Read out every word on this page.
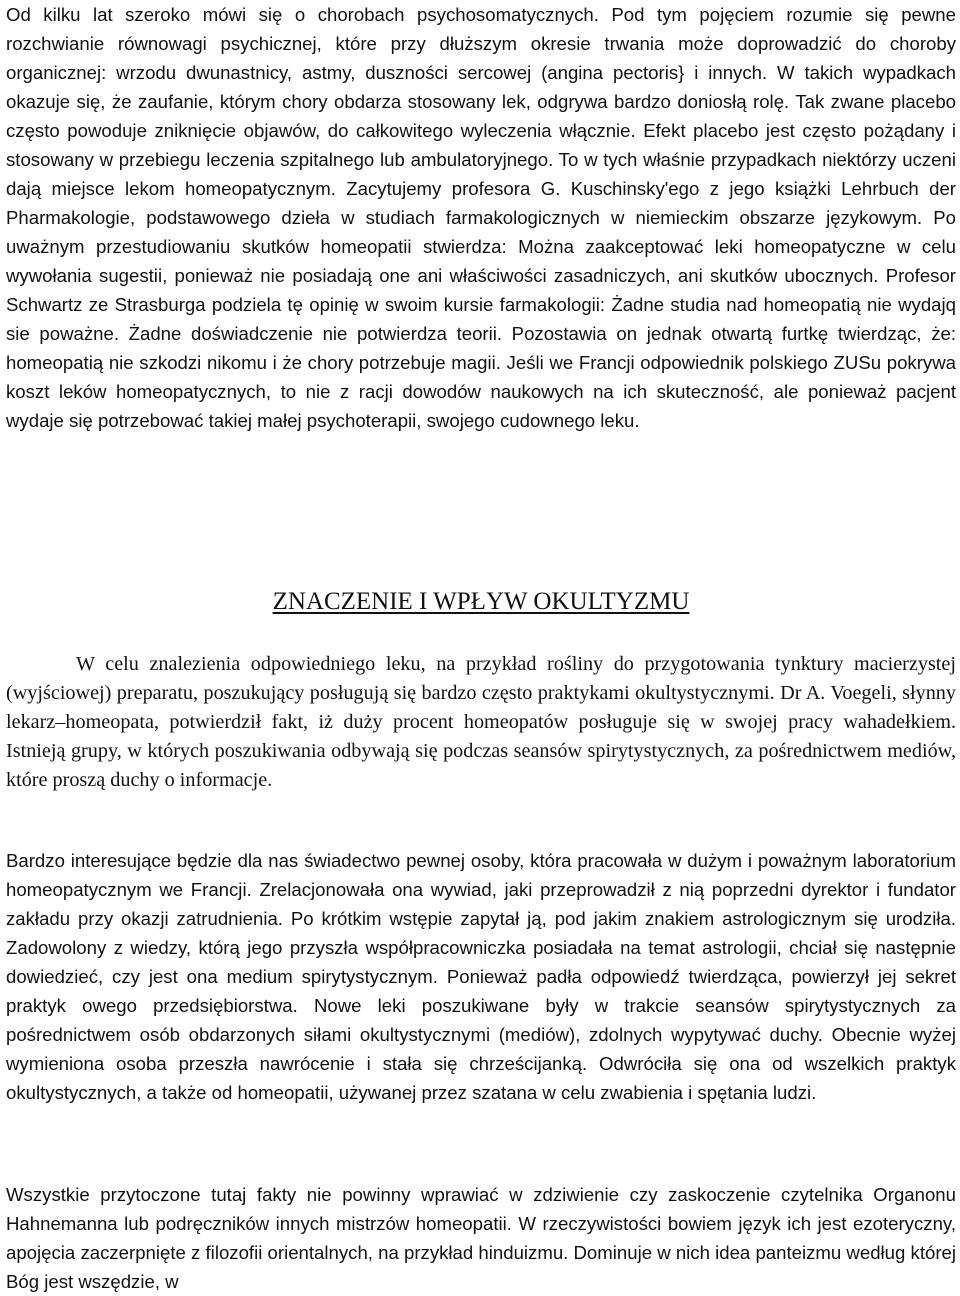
Od kilku lat szeroko mówi się o chorobach psychosomatycznych. Pod tym pojęciem rozumie się pewne rozchwianie równowagi psychicznej, które przy dłuższym okresie trwania może doprowadzić do choroby organicznej: wrzodu dwunastnicy, astmy, duszności sercowej (angina pectoris} i innych. W takich wypadkach okazuje się, że zaufanie, którym chory obdarza stosowany lek, odgrywa bardzo doniosłą rolę. Tak zwane placebo często powoduje zniknięcie objawów, do całkowitego wyleczenia włącznie. Efekt placebo jest często pożądany i stosowany w przebiegu leczenia szpitalnego lub ambulatoryjnego. To w tych właśnie przypadkach niektórzy uczeni dają miejsce lekom homeopatycznym. Zacytujemy profesora G. Kuschinsky'ego z jego książki Lehrbuch der Pharmakologie, podstawowego dzieła w studiach farmakologicznych w niemieckim obszarze językowym. Po uważnym przestudiowaniu skutków homeopatii stwierdza: Można zaakceptować leki homeopatyczne w celu wywołania sugestii, ponieważ nie posiadają one ani właściwości zasadniczych, ani skutków ubocznych. Profesor Schwartz ze Strasburga podziela tę opinię w swoim kursie farmakologii: Żadne studia nad homeopatią nie wydajq sie poważne. Żadne doświadczenie nie potwierdza teorii. Pozostawia on jednak otwartą furtkę twierdząc, że: homeopatią nie szkodzi nikomu i że chory potrzebuje magii. Jeśli we Francji odpowiednik polskiego ZUSu pokrywa koszt leków homeopatycznych, to nie z racji dowodów naukowych na ich skuteczność, ale ponieważ pacjent wydaje się potrzebować takiej małej psychoterapii, swojego cudownego leku.

ZNACZENIE I WPŁYW OKULTYZMU

W celu znalezienia odpowiedniego leku, na przykład rośliny do przygotowania tynktury macierzystej (wyjściowej) preparatu, poszukujący posługują się bardzo często praktykami okultystycznymi. Dr A. Voegeli, słynny lekarz–homeopata, potwierdził fakt, iż duży procent homeopatów posługuje się w swojej pracy wahadełkiem. Istnieją grupy, w których poszukiwania odbywają się podczas seansów spirytystycznych, za pośrednictwem mediów, które proszą duchy o informacje.

Bardzo interesujące będzie dla nas świadectwo pewnej osoby, która pracowała w dużym i poważnym laboratorium homeopatycznym we Francji. Zrelacjonowała ona wywiad, jaki przeprowadził z nią poprzedni dyrektor i fundator zakładu przy okazji zatrudnienia. Po krótkim wstępie zapytał ją, pod jakim znakiem astrologicznym się urodziła. Zadowolony z wiedzy, którą jego przyszła współpracowniczka posiadała na temat astrologii, chciał się następnie dowiedzieć, czy jest ona medium spirytystycznym. Ponieważ padła odpowiedź twierdząca, powierzył jej sekret praktyk owego przedsiębiorstwa. Nowe leki poszukiwane były w trakcie seansów spirytystycznych za pośrednictwem osób obdarzonych siłami okultystycznymi (mediów), zdolnych wypytywać duchy. Obecnie wyżej wymieniona osoba przeszła nawrócenie i stała się chrześcijanką. Odwróciła się ona od wszelkich praktyk okultystycznych, a także od homeopatii, używanej przez szatana w celu zwabienia i spętania ludzi.

Wszystkie przytoczone tutaj fakty nie powinny wprawiać w zdziwienie czy zaskoczenie czytelnika Organonu Hahnemanna lub podręczników innych mistrzów homeopatii. W rzeczywistości bowiem język ich jest ezoteryczny, apojęcia zaczerpnięte z filozofii orientalnych, na przykład hinduizmu. Dominuje w nich idea panteizmu według której Bóg jest wszędzie, w
